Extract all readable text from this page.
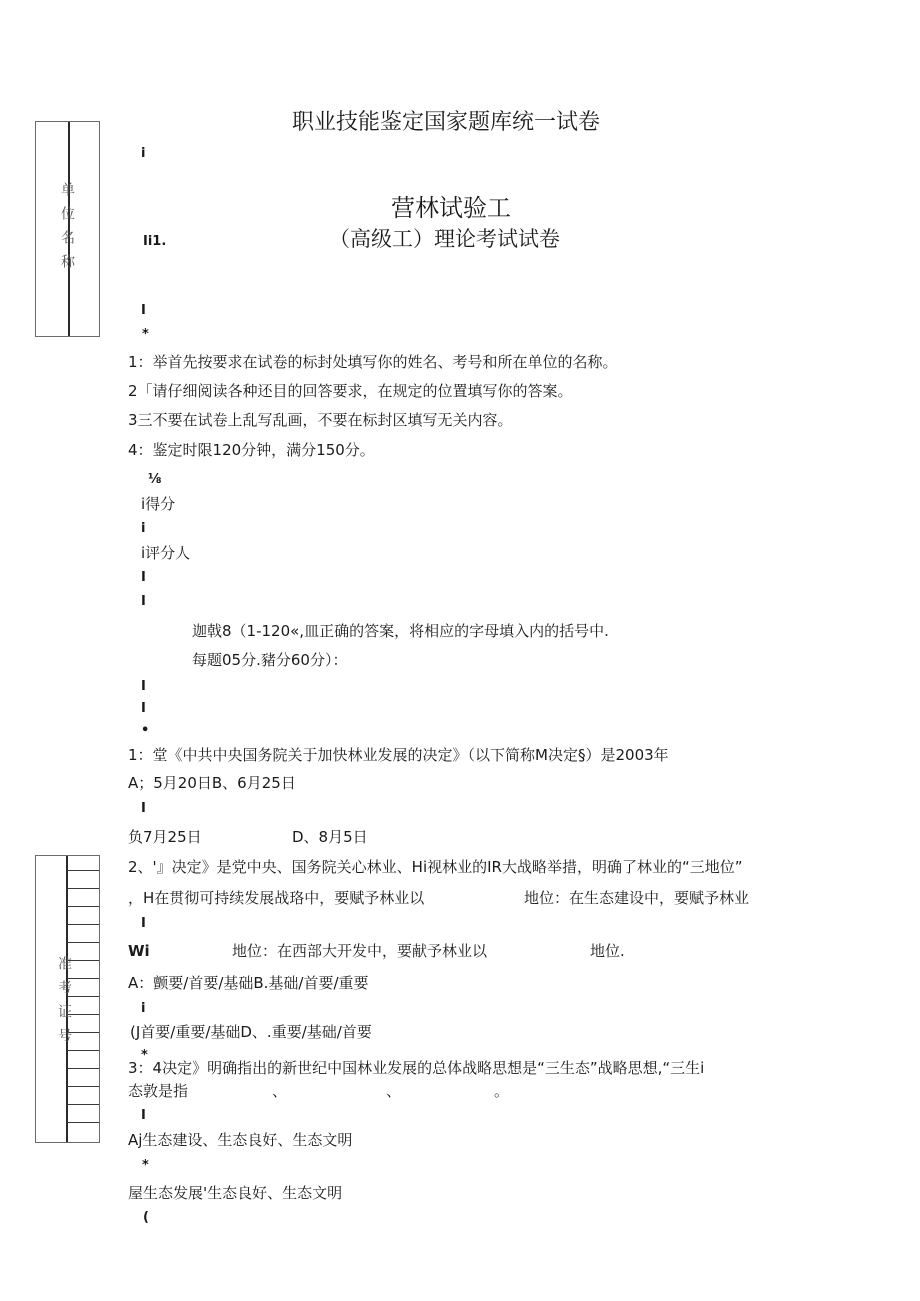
单位名称
准考证号
职业技能鉴定国家题库统一试卷
i
营林试验工
Ii1.	（高级工）理论考试试卷
I
*
1：举首先按要求在试卷的标封处填写你的姓名、考号和所在单位的名称。
2「请仔细阅读各种还目的回答要求，在规定的位置填写你的答案。
3三不要在试卷上乱写乱画，不要在标封区填写无关内容。
4：鉴定时限120分钟，满分150分。
⅛
i得分
i
i评分人
I
I
迦戟8（1-120«,皿正确的答案，将相应的字母填入内的括号中.
每题05分.豬分60分）：
I
I
•
1：堂《中共中央国务院关于加快林业发展的决定》（以下简称M决定§）是2003年
A；5月20日B、6月25日
I
负7月25日	D、8月5日
2、'』决定》是党中央、国务院关心林业、Hi视林业的IR大战略举措，明确了林业的“三地位”
，H在贯彻可持续发展战珞中，要赋予林业以	地位：在生态建设中，要赋予林业
I
Wi	地位：在西部大开发中，要献予林业以	地位.
A：颤要/首要/基础B.基础/首要/重要
i
(J首要/重要/基础D、.重要/基础/首要
*
3：4决定》明确指出的新世纪中国林业发展的总体战略思想是“三生态”战略思想,“三生i
态敦是指	、	、	。
I
Aj生态建设、生态良好、生态文明
*
屋生态发展'生态良好、生态文明
(
